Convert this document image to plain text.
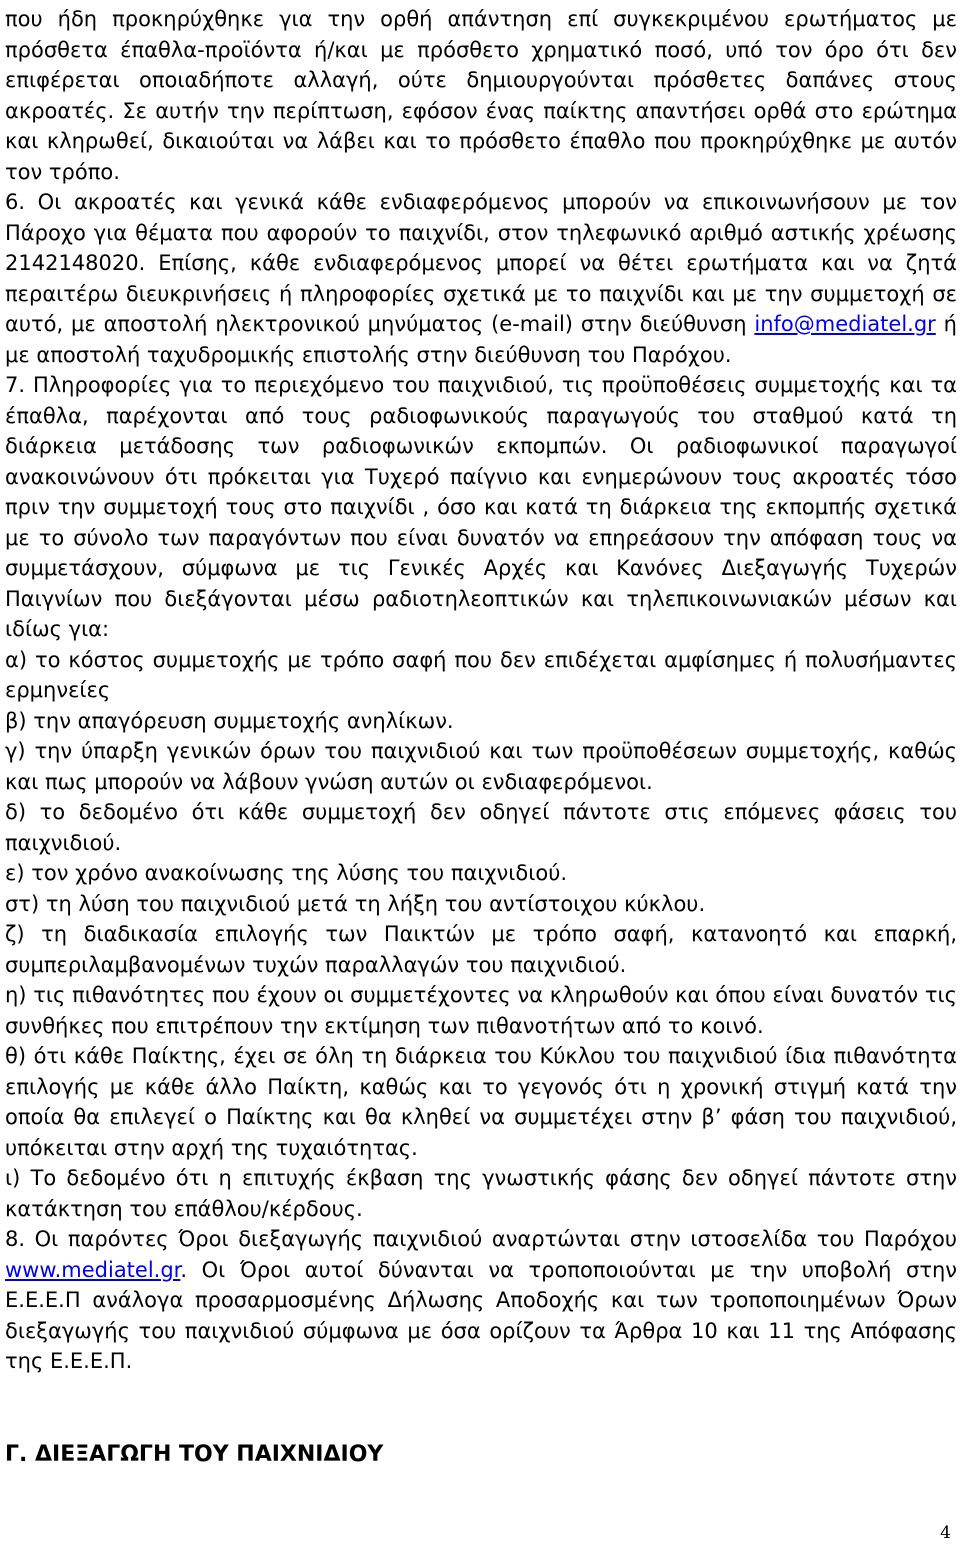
που ήδη προκηρύχθηκε για την ορθή απάντηση επί συγκεκριμένου ερωτήματος με πρόσθετα έπαθλα-προϊόντα ή/και με πρόσθετο χρηματικό ποσό, υπό τον όρο ότι δεν επιφέρεται οποιαδήποτε αλλαγή, ούτε δημιουργούνται πρόσθετες δαπάνες στους ακροατές. Σε αυτήν την περίπτωση, εφόσον ένας παίκτης απαντήσει ορθά στο ερώτημα και κληρωθεί, δικαιούται να λάβει και το πρόσθετο έπαθλο που προκηρύχθηκε με αυτόν τον τρόπο.

6. Οι ακροατές και γενικά κάθε ενδιαφερόμενος μπορούν να επικοινωνήσουν με τον Πάροχο για θέματα που αφορούν το παιχνίδι, στον τηλεφωνικό αριθμό αστικής χρέωσης 2142148020. Επίσης, κάθε ενδιαφερόμενος μπορεί να θέτει ερωτήματα και να ζητά περαιτέρω διευκρινήσεις ή πληροφορίες σχετικά με το παιχνίδι και με την συμμετοχή σε αυτό, με αποστολή ηλεκτρονικού μηνύματος (e-mail) στην διεύθυνση info@mediatel.gr ή με αποστολή ταχυδρομικής επιστολής στην διεύθυνση του Παρόχου.

7. Πληροφορίες για το περιεχόμενο του παιχνιδιού, τις προϋποθέσεις συμμετοχής και τα έπαθλα, παρέχονται από τους ραδιοφωνικούς παραγωγούς του σταθμού κατά τη διάρκεια μετάδοσης των ραδιοφωνικών εκπομπών. Οι ραδιοφωνικοί παραγωγοί ανακοινώνουν ότι πρόκειται για Τυχερό παίγνιο και ενημερώνουν τους ακροατές τόσο πριν την συμμετοχή τους στο παιχνίδι , όσο και κατά τη διάρκεια της εκπομπής σχετικά με το σύνολο των παραγόντων που είναι δυνατόν να επηρεάσουν την απόφαση τους να συμμετάσχουν, σύμφωνα με τις Γενικές Αρχές και Κανόνες Διεξαγωγής Τυχερών Παιγνίων που διεξάγονται μέσω ραδιοτηλεοπτικών και τηλεπικοινωνιακών μέσων και ιδίως για:

α) το κόστος συμμετοχής με τρόπο σαφή που δεν επιδέχεται αμφίσημες ή πολυσήμαντες ερμηνείες

β) την απαγόρευση συμμετοχής ανηλίκων.

γ) την ύπαρξη γενικών όρων του παιχνιδιού και των προϋποθέσεων συμμετοχής, καθώς και πως μπορούν να λάβουν γνώση αυτών οι ενδιαφερόμενοι.

δ) το δεδομένο ότι κάθε συμμετοχή δεν οδηγεί πάντοτε στις επόμενες φάσεις του παιχνιδιού.

ε) τον χρόνο ανακοίνωσης της λύσης του παιχνιδιού.

στ) τη λύση του παιχνιδιού μετά τη λήξη του αντίστοιχου κύκλου.

ζ) τη διαδικασία επιλογής των Παικτών με τρόπο σαφή, κατανοητό και επαρκή, συμπεριλαμβανομένων τυχών παραλλαγών του παιχνιδιού.

η) τις πιθανότητες που έχουν οι συμμετέχοντες να κληρωθούν και όπου είναι δυνατόν τις συνθήκες που επιτρέπουν την εκτίμηση των πιθανοτήτων από το κοινό.

θ) ότι κάθε Παίκτης, έχει σε όλη τη διάρκεια του Κύκλου του παιχνιδιού ίδια πιθανότητα επιλογής με κάθε άλλο Παίκτη, καθώς και το γεγονός ότι η χρονική στιγμή κατά την οποία θα επιλεγεί ο Παίκτης και θα κληθεί να συμμετέχει στην β’ φάση του παιχνιδιού, υπόκειται στην αρχή της τυχαιότητας.

ι) Το δεδομένο ότι η επιτυχής έκβαση της γνωστικής φάσης δεν οδηγεί πάντοτε στην κατάκτηση του επάθλου/κέρδους.

8. Οι παρόντες Όροι διεξαγωγής παιχνιδιού αναρτώνται στην ιστοσελίδα του Παρόχου www.mediatel.gr. Οι Όροι αυτοί δύνανται να τροποποιούνται με την υποβολή στην Ε.Ε.Ε.Π ανάλογα προσαρμοσμένης Δήλωσης Αποδοχής και των τροποποιημένων Όρων διεξαγωγής του παιχνιδιού σύμφωνα με όσα ορίζουν τα Άρθρα 10 και 11 της Απόφασης της Ε.Ε.Ε.Π.

Γ. ΔΙΕΞΑΓΩΓΗ ΤΟΥ ΠΑΙΧΝΙΔΙΟΥ
4
